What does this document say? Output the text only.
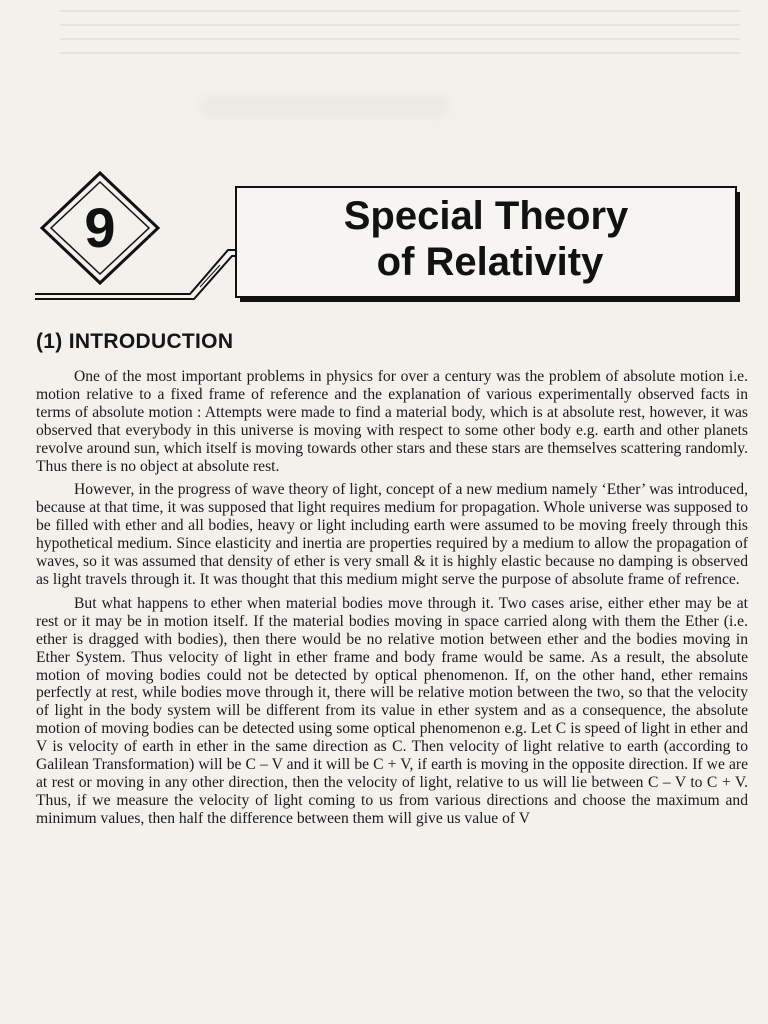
9	Special Theory
of Relativity
(1) INTRODUCTION

One of the most important problems in physics for over a century was the problem of absolute motion i.e. motion relative to a fixed frame of reference and the explanation of various experimentally observed facts in terms of absolute motion : Attempts were made to find a material body, which is at absolute rest, however, it was observed that everybody in this universe is moving with respect to some other body e.g. earth and other planets revolve around sun, which itself is moving towards other stars and these stars are themselves scattering randomly. Thus there is no object at absolute rest.

However, in the progress of wave theory of light, concept of a new medium namely ‘Ether’ was introduced, because at that time, it was supposed that light requires medium for propagation. Whole universe was supposed to be filled with ether and all bodies, heavy or light including earth were assumed to be moving freely through this hypothetical medium. Since elasticity and inertia are properties required by a medium to allow the propagation of waves, so it was assumed that density of ether is very small & it is highly elastic because no damping is observed as light travels through it. It was thought that this medium might serve the purpose of absolute frame of refrence.

But what happens to ether when material bodies move through it. Two cases arise, either ether may be at rest or it may be in motion itself. If the material bodies moving in space carried along with them the Ether (i.e. ether is dragged with bodies), then there would be no relative motion between ether and the bodies moving in Ether System. Thus velocity of light in ether frame and body frame would be same. As a result, the absolute motion of moving bodies could not be detected by optical phenomenon. If, on the other hand, ether remains perfectly at rest, while bodies move through it, there will be relative motion between the two, so that the velocity of light in the body system will be different from its value in ether system and as a consequence, the absolute motion of moving bodies can be detected using some optical phenomenon e.g. Let C is speed of light in ether and V is velocity of earth in ether in the same direction as C. Then velocity of light relative to earth (according to Galilean Transformation) will be C – V and it will be C + V, if earth is moving in the opposite direction. If we are at rest or moving in any other direction, then the velocity of light, relative to us will lie between C – V to C + V. Thus, if we measure the velocity of light coming to us from various directions and choose the maximum and minimum values, then half the difference between them will give us value of V
